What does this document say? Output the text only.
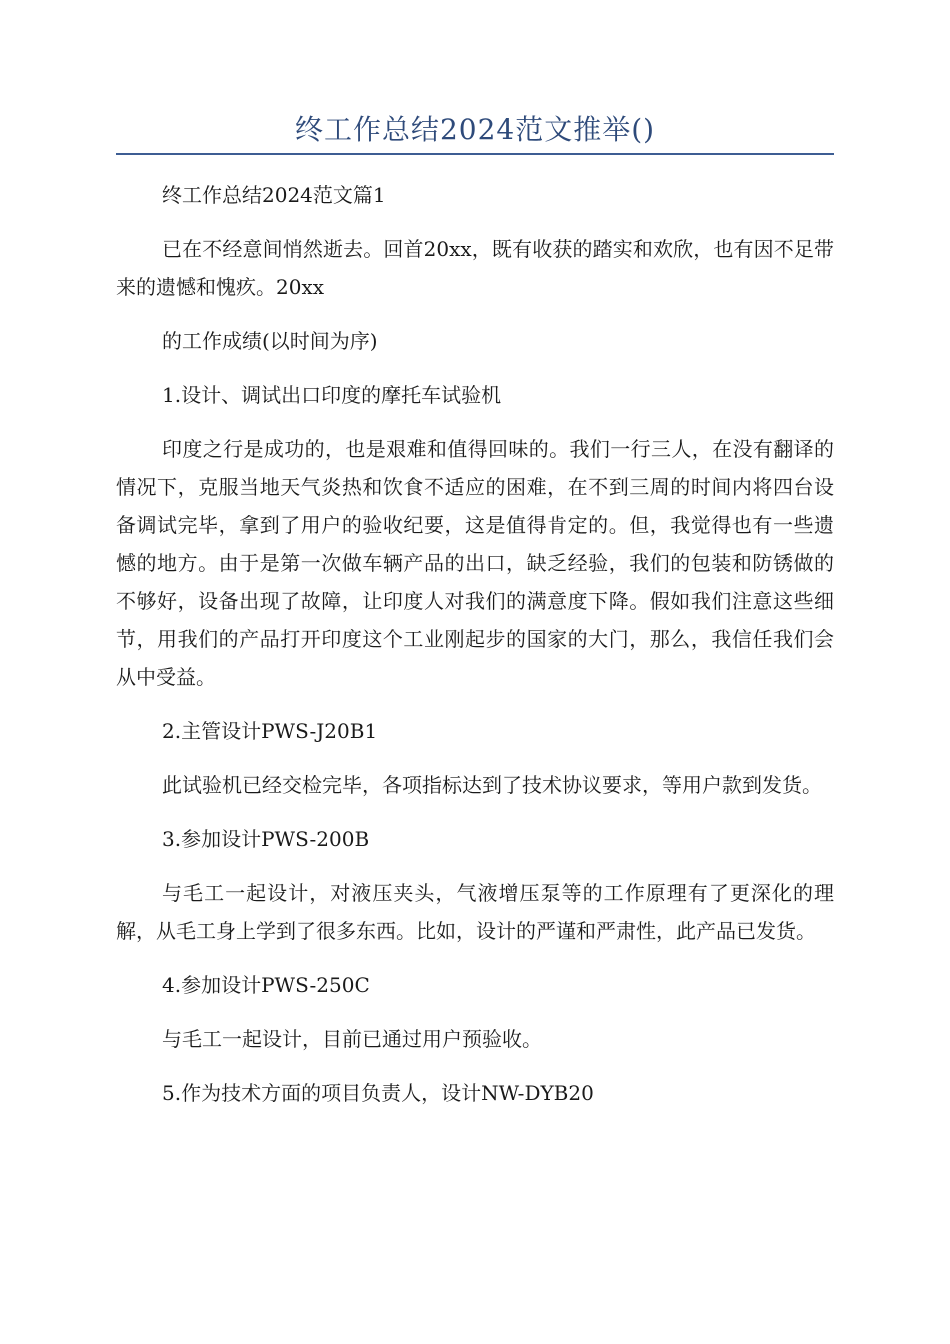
终工作总结2024范文推举()

终工作总结2024范文篇1

已在不经意间悄然逝去。回首20xx，既有收获的踏实和欢欣，也有因不足带来的遗憾和愧疚。20xx

的工作成绩(以时间为序)

1.设计、调试出口印度的摩托车试验机

印度之行是成功的，也是艰难和值得回味的。我们一行三人，在没有翻译的情况下，克服当地天气炎热和饮食不适应的困难，在不到三周的时间内将四台设备调试完毕，拿到了用户的验收纪要，这是值得肯定的。但，我觉得也有一些遗憾的地方。由于是第一次做车辆产品的出口，缺乏经验，我们的包装和防锈做的不够好，设备出现了故障，让印度人对我们的满意度下降。假如我们注意这些细节，用我们的产品打开印度这个工业刚起步的国家的大门，那么，我信任我们会从中受益。

2.主管设计PWS-J20B1

此试验机已经交检完毕，各项指标达到了技术协议要求，等用户款到发货。

3.参加设计PWS-200B

与毛工一起设计，对液压夹头，气液增压泵等的工作原理有了更深化的理解，从毛工身上学到了很多东西。比如，设计的严谨和严肃性，此产品已发货。

4.参加设计PWS-250C

与毛工一起设计，目前已通过用户预验收。

5.作为技术方面的项目负责人，设计NW-DYB20
